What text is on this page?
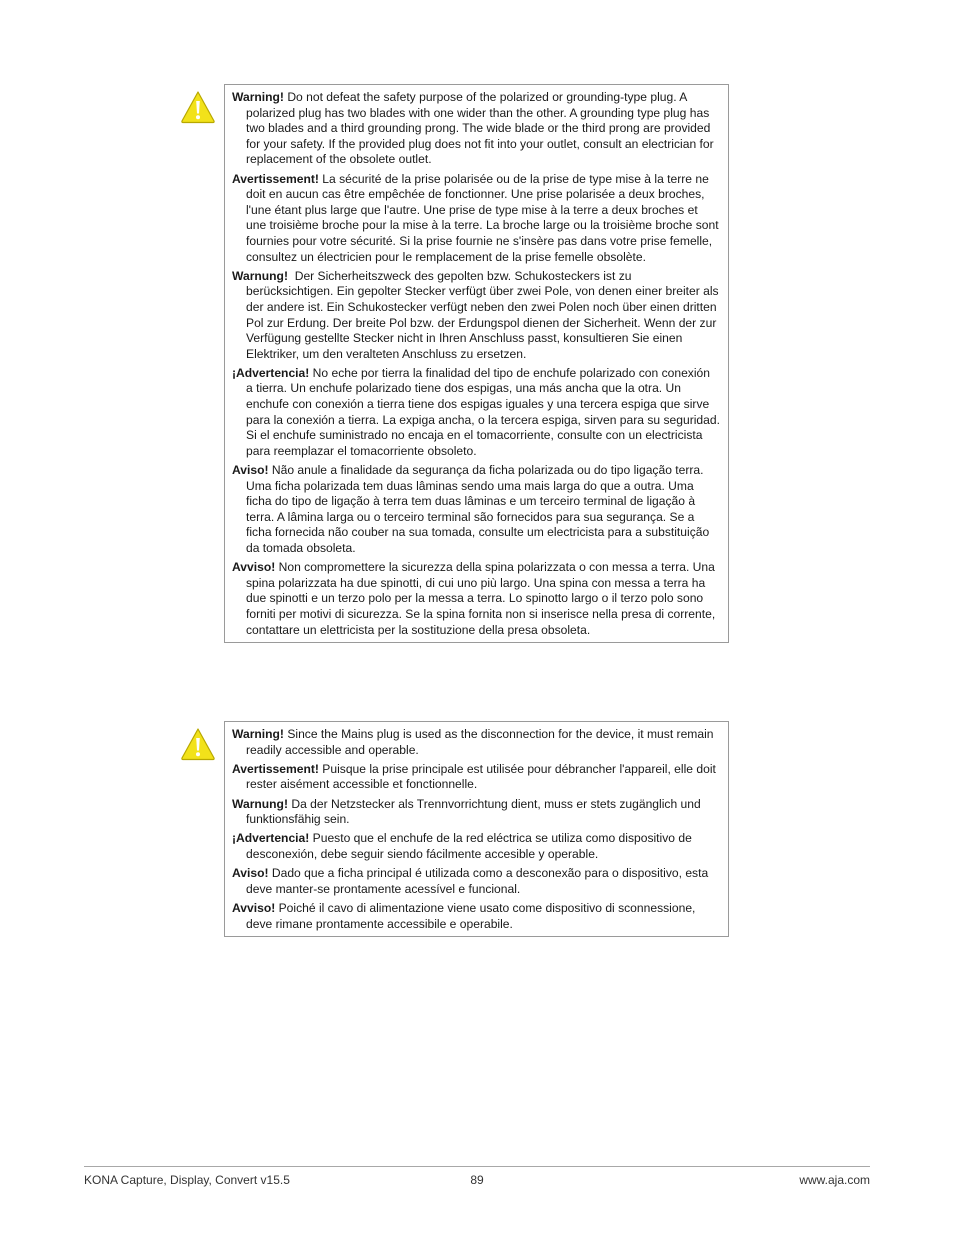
Warning! Do not defeat the safety purpose of the polarized or grounding-type plug. A polarized plug has two blades with one wider than the other. A grounding type plug has two blades and a third grounding prong. The wide blade or the third prong are provided for your safety. If the provided plug does not fit into your outlet, consult an electrician for replacement of the obsolete outlet.

Avertissement! La sécurité de la prise polarisée ou de la prise de type mise à la terre ne doit en aucun cas être empêchée de fonctionner. Une prise polarisée a deux broches, l'une étant plus large que l'autre. Une prise de type mise à la terre a deux broches et une troisième broche pour la mise à la terre. La broche large ou la troisième broche sont fournies pour votre sécurité. Si la prise fournie ne s'insère pas dans votre prise femelle, consultez un électricien pour le remplacement de la prise femelle obsolète.

Warnung!  Der Sicherheitszweck des gepolten bzw. Schukosteckers ist zu berücksichtigen. Ein gepolter Stecker verfügt über zwei Pole, von denen einer breiter als der andere ist. Ein Schukostecker verfügt neben den zwei Polen noch über einen dritten Pol zur Erdung. Der breite Pol bzw. der Erdungspol dienen der Sicherheit. Wenn der zur Verfügung gestellte Stecker nicht in Ihren Anschluss passt, konsultieren Sie einen Elektriker, um den veralteten Anschluss zu ersetzen.

¡Advertencia! No eche por tierra la finalidad del tipo de enchufe polarizado con conexión a tierra. Un enchufe polarizado tiene dos espigas, una más ancha que la otra. Un enchufe con conexión a tierra tiene dos espigas iguales y una tercera espiga que sirve para la conexión a tierra. La expiga ancha, o la tercera espiga, sirven para su seguridad. Si el enchufe suministrado no encaja en el tomacorriente, consulte con un electricista para reemplazar el tomacorriente obsoleto.

Aviso! Não anule a finalidade da segurança da ficha polarizada ou do tipo ligação terra. Uma ficha polarizada tem duas lâminas sendo uma mais larga do que a outra. Uma ficha do tipo de ligação à terra tem duas lâminas e um terceiro terminal de ligação à terra. A lâmina larga ou o terceiro terminal são fornecidos para sua segurança. Se a ficha fornecida não couber na sua tomada, consulte um electricista para a substituição da tomada obsoleta.

Avviso! Non compromettere la sicurezza della spina polarizzata o con messa a terra. Una spina polarizzata ha due spinotti, di cui uno più largo. Una spina con messa a terra ha due spinotti e un terzo polo per la messa a terra. Lo spinotto largo o il terzo polo sono forniti per motivi di sicurezza. Se la spina fornita non si inserisce nella presa di corrente, contattare un elettricista per la sostituzione della presa obsoleta.

Warning! Since the Mains plug is used as the disconnection for the device, it must remain readily accessible and operable.

Avertissement! Puisque la prise principale est utilisée pour débrancher l'appareil, elle doit rester aisément accessible et fonctionnelle.

Warnung! Da der Netzstecker als Trennvorrichtung dient, muss er stets zugänglich und funktionsfähig sein.

¡Advertencia! Puesto que el enchufe de la red eléctrica se utiliza como dispositivo de desconexión, debe seguir siendo fácilmente accesible y operable.

Aviso! Dado que a ficha principal é utilizada como a desconexão para o dispositivo, esta deve manter-se prontamente acessível e funcional.

Avviso! Poiché il cavo di alimentazione viene usato come dispositivo di sconnessione, deve rimane prontamente accessibile e operabile.

KONA Capture, Display, Convert v15.5	89	www.aja.com
